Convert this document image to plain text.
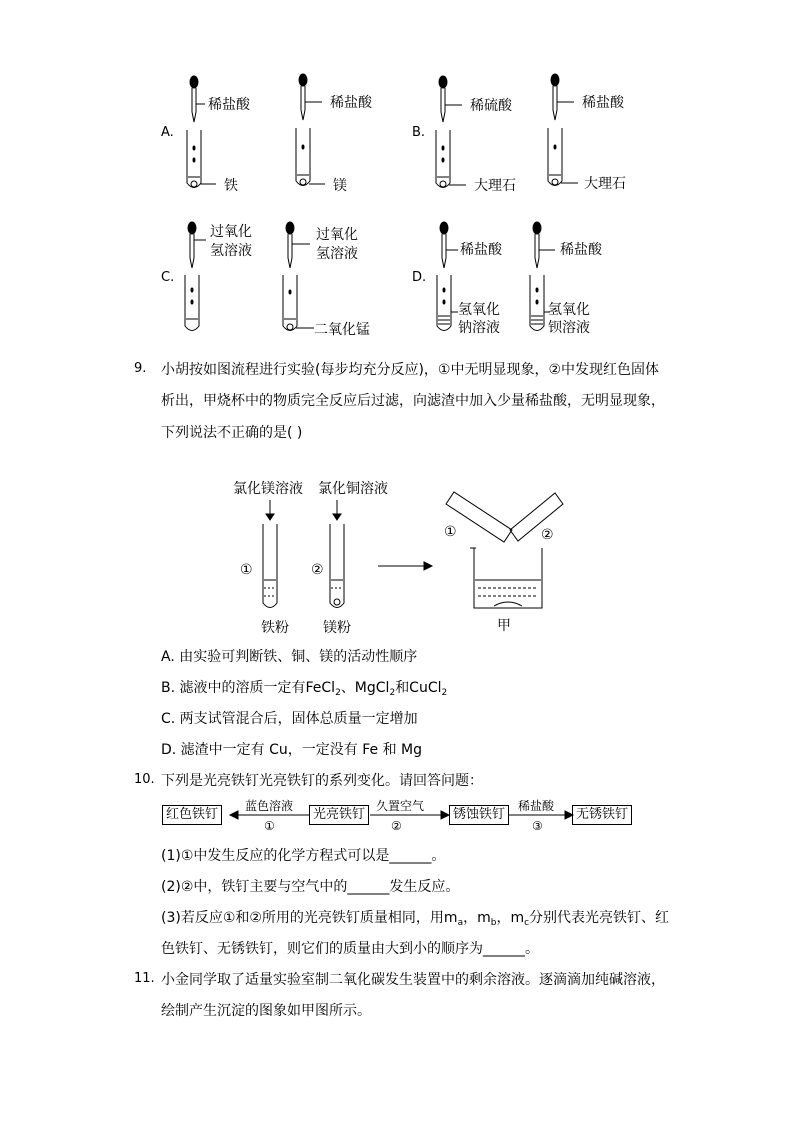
A.
稀盐酸
铁
稀盐酸
镁
B.
稀硫酸
大理石
稀盐酸
大理石
C.
过氧化
氢溶液
过氧化
氢溶液
二氧化锰
D.
稀盐酸
氢氧化
钠溶液
稀盐酸
氢氧化
钡溶液
9. 小胡按如图流程进行实验(每步均充分反应)，①中无明显现象，②中发现红色固体
析出，甲烧杯中的物质完全反应后过滤，向滤渣中加入少量稀盐酸，无明显现象，
下列说法不正确的是( )
氯化镁溶液 氯化铜溶液
①	②
①	②
铁粉 镁粉	甲
A. 由实验可判断铁、铜、镁的活动性顺序
B. 滤液中的溶质一定有FeCl$_2$、MgCl$_2$和CuCl$_2$
C. 两支试管混合后，固体总质量一定增加
D. 滤渣中一定有 Cu，一定没有 Fe 和 Mg
10. 下列是光亮铁钉光亮铁钉的系列变化。请回答问题：
红色铁钉	光亮铁钉	锈蚀铁钉	无锈铁钉
蓝色溶液
①
久置空气
②
稀盐酸
③
(1)①中发生反应的化学方程式可以是______。
(2)②中，铁钉主要与空气中的______发生反应。
(3)若反应①和②所用的光亮铁钉质量相同，用$m_a$，$m_b$，$m_c$分别代表光亮铁钉、红
色铁钉、无锈铁钉，则它们的质量由大到小的顺序为______。
11. 小金同学取了适量实验室制二氧化碳发生装置中的剩余溶液。逐滴滴加纯碱溶液，
绘制产生沉淀的图象如甲图所示。
